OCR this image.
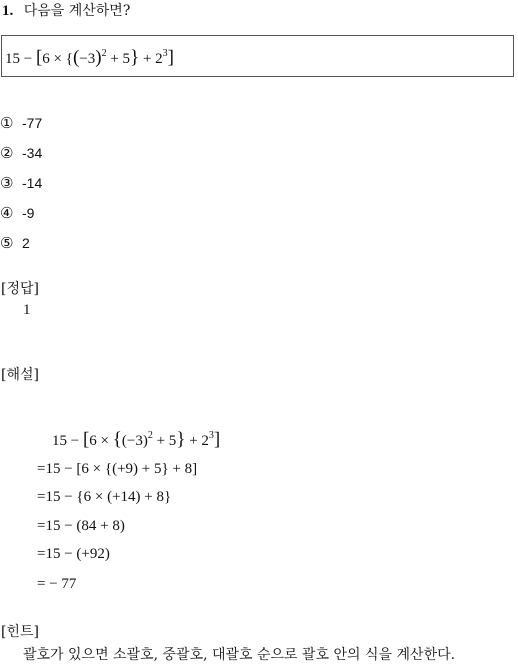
1. 다음을 계산하면?
$15 - [6 \times \{(-3)^2 + 5\} + 2^3]$
① -77
② -34
③ -14
④ -9
⑤ 2
[정답]
1
[해설]
$15 - [6 \times \{(-3)^2 + 5\} + 2^3]$
=15 − [6 × {(+9) + 5} + 8]
=15 − {6 × (+14) + 8}
=15 − (84 + 8)
=15 − (+92)
= − 77
[힌트]
괄호가 있으면 소괄호, 중괄호, 대괄호 순으로 괄호 안의 식을 계산한다.
